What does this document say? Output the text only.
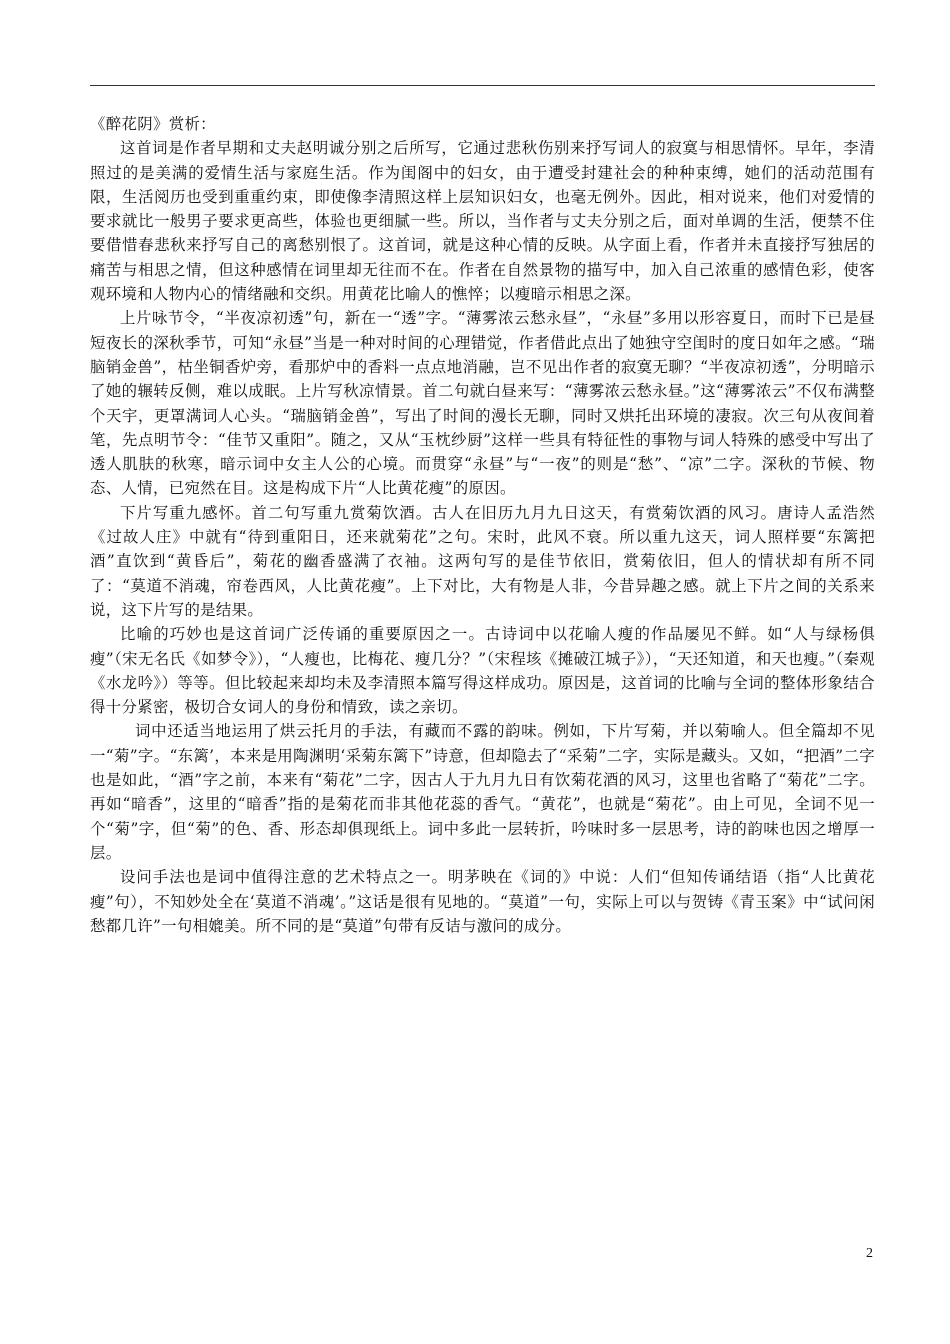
《醉花阴》赏析：

这首词是作者早期和丈夫赵明诚分别之后所写，它通过悲秋伤别来抒写词人的寂寞与相思情怀。早年，李清照过的是美满的爱情生活与家庭生活。作为闺阁中的妇女，由于遭受封建社会的种种束缚，她们的活动范围有限，生活阅历也受到重重约束，即使像李清照这样上层知识妇女，也毫无例外。因此，相对说来，他们对爱情的要求就比一般男子要求更高些，体验也更细腻一些。所以，当作者与丈夫分别之后，面对单调的生活，便禁不住要借惜春悲秋来抒写自己的离愁别恨了。这首词，就是这种心情的反映。从字面上看，作者并未直接抒写独居的痛苦与相思之情，但这种感情在词里却无往而不在。作者在自然景物的描写中，加入自己浓重的感情色彩，使客观环境和人物内心的情绪融和交织。用黄花比喻人的憔悴；以瘦暗示相思之深。

上片咏节令，“半夜凉初透”句，新在一“透”字。“薄雾浓云愁永昼”，“永昼”多用以形容夏日，而时下已是昼短夜长的深秋季节，可知“永昼”当是一种对时间的心理错觉，作者借此点出了她独守空闺时的度日如年之感。“瑞脑销金兽”，枯坐铜香炉旁，看那炉中的香料一点点地消融，岂不见出作者的寂寞无聊？“半夜凉初透”，分明暗示了她的辗转反侧，难以成眠。上片写秋凉情景。首二句就白昼来写：“薄雾浓云愁永昼。”这“薄雾浓云”不仅布满整个天宇，更罩满词人心头。“瑞脑销金兽”，写出了时间的漫长无聊，同时又烘托出环境的凄寂。次三句从夜间着笔，先点明节令：“佳节又重阳”。随之，又从“玉枕纱厨”这样一些具有特征性的事物与词人特殊的感受中写出了透人肌肤的秋寒，暗示词中女主人公的心境。而贯穿“永昼”与“一夜”的则是“愁”、“凉”二字。深秋的节候、物态、人情，已宛然在目。这是构成下片“人比黄花瘦”的原因。

下片写重九感怀。首二句写重九赏菊饮酒。古人在旧历九月九日这天，有赏菊饮酒的风习。唐诗人孟浩然《过故人庄》中就有“待到重阳日，还来就菊花”之句。宋时，此风不衰。所以重九这天，词人照样要“东篱把酒”直饮到“黄昏后”，菊花的幽香盛满了衣袖。这两句写的是佳节依旧，赏菊依旧，但人的情状却有所不同了：“莫道不消魂，帘卷西风，人比黄花瘦”。上下对比，大有物是人非，今昔异趣之感。就上下片之间的关系来说，这下片写的是结果。

比喻的巧妙也是这首词广泛传诵的重要原因之一。古诗词中以花喻人瘦的作品屡见不鲜。如“人与绿杨俱瘦”（宋无名氏《如梦令》），“人瘦也，比梅花、瘦几分？”（宋程垓《摊破江城子》），“天还知道，和天也瘦。”（秦观《水龙吟》）等等。但比较起来却均未及李清照本篇写得这样成功。原因是，这首词的比喻与全词的整体形象结合得十分紧密，极切合女词人的身份和情致，读之亲切。

词中还适当地运用了烘云托月的手法，有藏而不露的韵味。例如，下片写菊，并以菊喻人。但全篇却不见一“菊”字。“东篱’，本来是用陶渊明‘采菊东篱下”诗意，但却隐去了“采菊”二字，实际是藏头。又如，“把酒”二字也是如此，“酒”字之前，本来有“菊花”二字，因古人于九月九日有饮菊花酒的风习，这里也省略了“菊花”二字。再如“暗香”，这里的“暗香”指的是菊花而非其他花蕊的香气。“黄花”，也就是“菊花”。由上可见，全词不见一个“菊”字，但“菊”的色、香、形态却俱现纸上。词中多此一层转折，吟味时多一层思考，诗的韵味也因之增厚一层。

设问手法也是词中值得注意的艺术特点之一。明茅映在《词的》中说：人们“但知传诵结语（指“人比黄花瘦”句），不知妙处全在‘莫道不消魂’。”这话是很有见地的。“莫道”一句，实际上可以与贺铸《青玉案》中“试问闲愁都几许”一句相媲美。所不同的是“莫道”句带有反诘与激问的成分。

2
